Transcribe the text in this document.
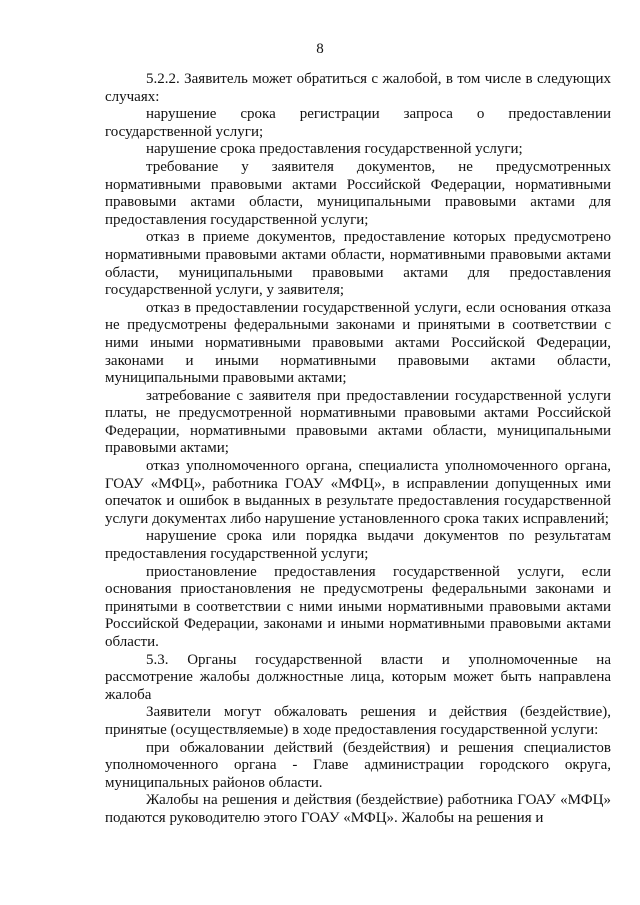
8

5.2.2. Заявитель может обратиться с жалобой, в том числе в следующих случаях:

нарушение срока регистрации запроса о предоставлении государственной услуги;

нарушение срока предоставления государственной услуги;

требование у заявителя документов, не предусмотренных нормативными правовыми актами Российской Федерации, нормативными правовыми актами области, муниципальными правовыми актами для предоставления государственной услуги;

отказ в приеме документов, предоставление которых предусмотрено нормативными правовыми актами области, нормативными правовыми актами области, муниципальными правовыми актами для предоставления государственной услуги, у заявителя;

отказ в предоставлении государственной услуги, если основания отказа не предусмотрены федеральными законами и принятыми в соответствии с ними иными нормативными правовыми актами Российской Федерации, законами и иными нормативными правовыми актами области, муниципальными правовыми актами;

затребование с заявителя при предоставлении государственной услуги платы, не предусмотренной нормативными правовыми актами Российской Федерации, нормативными правовыми актами области, муниципальными правовыми актами;

отказ уполномоченного органа, специалиста уполномоченного органа, ГОАУ «МФЦ», работника ГОАУ «МФЦ», в исправлении допущенных ими опечаток и ошибок в выданных в результате предоставления государственной услуги документах либо нарушение установленного срока таких исправлений;

нарушение срока или порядка выдачи документов по результатам предоставления государственной услуги;

приостановление предоставления государственной услуги, если основания приостановления не предусмотрены федеральными законами и принятыми в соответствии с ними иными нормативными правовыми актами Российской Федерации, законами и иными нормативными правовыми актами области.

5.3. Органы государственной власти и уполномоченные на рассмотрение жалобы должностные лица, которым может быть направлена жалоба

Заявители могут обжаловать решения и действия (бездействие), принятые (осуществляемые) в ходе предоставления государственной услуги:

при обжаловании действий (бездействия) и решения специалистов уполномоченного органа - Главе администрации городского округа, муниципальных районов области.

Жалобы на решения и действия (бездействие) работника ГОАУ «МФЦ» подаются руководителю этого ГОАУ «МФЦ». Жалобы на решения и
